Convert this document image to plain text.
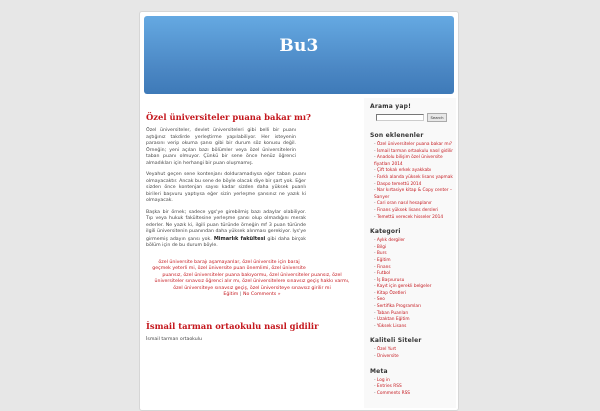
Bu3
Özel üniversiteler puana bakar mı?

Özel üniversiteler, devlet üniversiteleri gibi belli bir puanı aştığınız takdirde yerleştirme yapılabiliyor. Her isteyenin parasını verip okuma şansı gibi bir durum söz konusu değil. Örneğin; yeni açılan bazı bölümler veya özel üniversitelerin taban puanı olmuyor. Çünkü bir sene önce henüz öğrenci almadıkları için herhangi bir puan oluşmamış.

Veyahut geçen sene kontenjanı dolduramadıysa eğer taban puanı olmayacaktır. Ancak bu sene de böyle olacak diye bir şart yok. Eğer sizden önce kontenjan sayısı kadar sizden daha yüksek puanlı birileri başvuru yaptıysa eğer sizin yerleşme şansınız ne yazık ki olmayacak.

Başka bir örnek; sadece ygs'ye girebilmiş bazı adaylar olabiliyor. Tıp veya hukuk fakültesine yerleşme şansı olup olmadığını merak ederler. Ne yazık ki, ilgili puan türünde örneğin mf 3 puan türünde ilgili üniversitenin puanından daha yüksek alınması gerekiyor. lys'ye girmemiş adayın şansı yok. Mimarlık fakültesi gibi daha birçok bölüm için de bu durum böyle.

özel üniversite barajı aşamayanlar, özel üniversite için baraj geçmek yeterli mi, özel üniversite puan önemlimi, özel üniversite puansız, özel üniversiteler puana bakıyormu, özel üniversiteler puansız, özel üniversiteler sınavsız öğrenci alır mı, özel üniversitelere sınavsız geçiş hakkı varmı, özel üniversiteye sınavsız geçiş, özel üniversiteye sınavsız girilir mi
Eğitim | No Comments »
İsmail tarman ortaokulu nasıl gidilir

İsmail tarman ortaokulu

Arama yap!
Search
Son eklenenler
- Özel üniversiteler puana bakar mı?
- İsmail tarman ortaokulu nasıl gidilir
- Anadolu bilişim özel üniversite fiyatları 2014
- Çift tokalı erkek ayakkabı
- Farklı alanda yüksek lisans yapmak
- Daspo temettü 2014
- Nar kırtasiye kitap & Copy center – Sarıyer
- Cari oran nasıl hesaplanır
- Finans yüksek lisans dersleri
- Temettü verecek hisseler 2014
Kategori
- Aylık dergiler
- Bilgi
- Burs
- Eğitim
- Finans
- Futbol
- İş Başvurusu
- Kayıt için gerekli belgeler
- Kitap Özetleri
- Seo
- Sertifika Programları
- Taban Puanları
- Uzaktan Eğitim
- Yüksek Lisans
Kaliteli Siteler
- Özel Yurt
- Üniversite
Meta
- Log in
- Entries RSS
- Comments RSS
